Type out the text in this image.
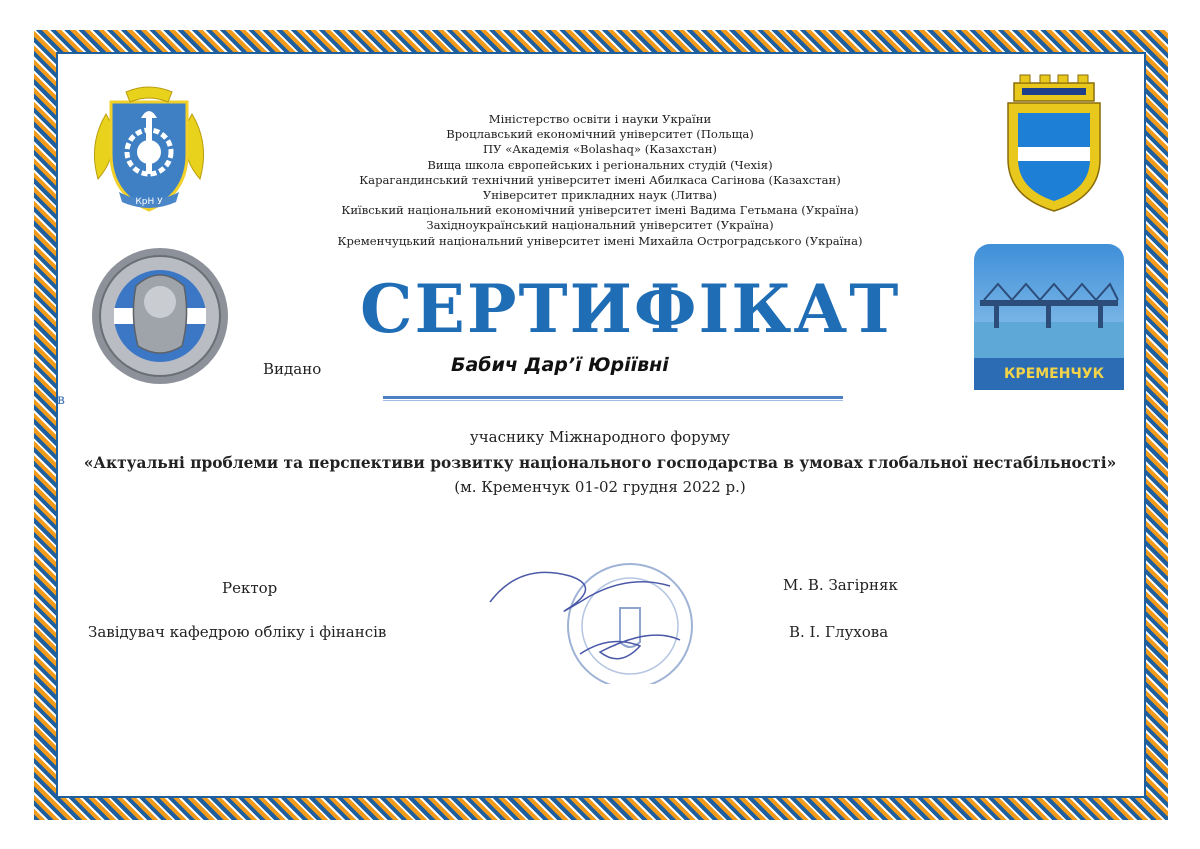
КрН У
КРЕМЕНЧУК
Міністерство освіти і науки України
Вроцлавський економічний університет (Польща)
ПУ «Академія «Bolashaq» (Казахстан)
Вища школа європейських і регіональних студій (Чехія)
Карагандинський технічний університет імені Абилкаса Сагінова (Казахстан)
Університет прикладних наук (Литва)
Київський національний економічний університет імені Вадима Гетьмана (Україна)
Західноукраїнський національний університет (Україна)
Кременчуцький національний університет імені Михайла Остроградського (Україна)
СЕРТИФІКАТ
Видано	Бабич Дар’ї Юріївні
в
учаснику Міжнародного форуму
«Актуальні проблеми та перспективи розвитку національного господарства в умовах глобальної нестабільності»
(м. Кременчук 01-02 грудня 2022 р.)
Ректор
Завідувач кафедрою обліку і фінансів
М. В. Загірняк
В. І. Глухова
